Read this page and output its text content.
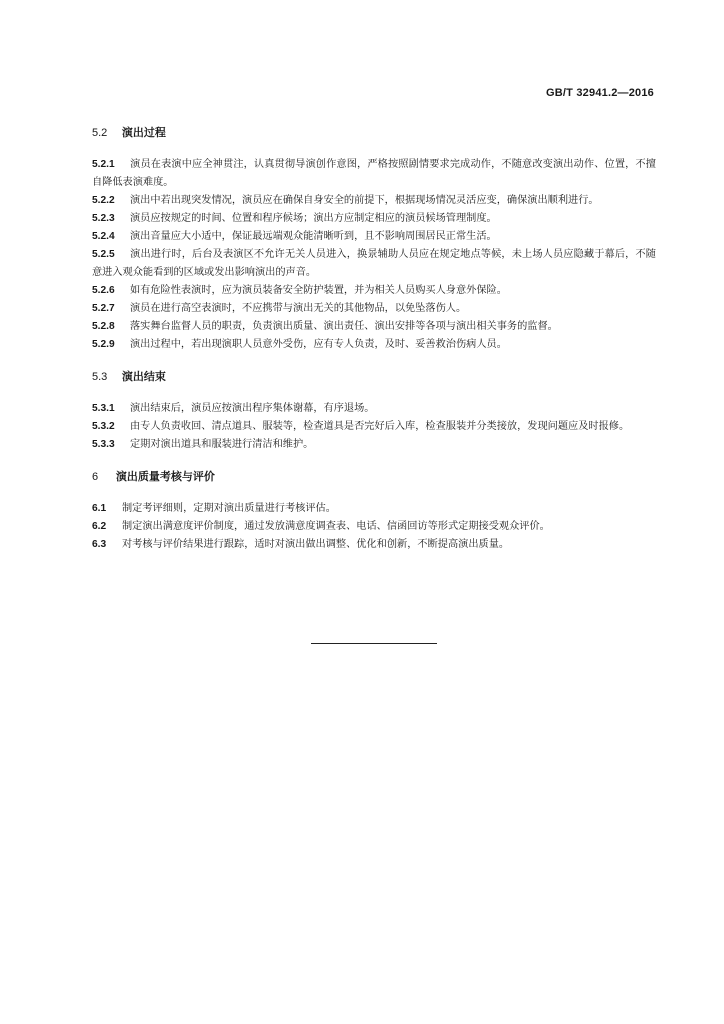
GB/T 32941.2—2016

5.2 演出过程

5.2.1 演员在表演中应全神贯注，认真贯彻导演创作意图，严格按照剧情要求完成动作，不随意改变演出动作、位置，不擅自降低表演难度。

5.2.2 演出中若出现突发情况，演员应在确保自身安全的前提下，根据现场情况灵活应变，确保演出顺利进行。

5.2.3 演员应按规定的时间、位置和程序候场；演出方应制定相应的演员候场管理制度。

5.2.4 演出音量应大小适中，保证最远端观众能清晰听到，且不影响周围居民正常生活。

5.2.5 演出进行时，后台及表演区不允许无关人员进入，换景辅助人员应在规定地点等候，未上场人员应隐藏于幕后，不随意进入观众能看到的区域或发出影响演出的声音。

5.2.6 如有危险性表演时，应为演员装备安全防护装置，并为相关人员购买人身意外保险。

5.2.7 演员在进行高空表演时，不应携带与演出无关的其他物品，以免坠落伤人。

5.2.8 落实舞台监督人员的职责，负责演出质量、演出责任、演出安排等各项与演出相关事务的监督。

5.2.9 演出过程中，若出现演职人员意外受伤，应有专人负责，及时、妥善救治伤病人员。

5.3 演出结束

5.3.1 演出结束后，演员应按演出程序集体谢幕，有序退场。

5.3.2 由专人负责收回、清点道具、服装等，检查道具是否完好后入库，检查服装并分类接放，发现问题应及时报修。

5.3.3 定期对演出道具和服装进行清洁和维护。

6 演出质量考核与评价

6.1 制定考评细则，定期对演出质量进行考核评估。

6.2 制定演出满意度评价制度，通过发放满意度调查表、电话、信函回访等形式定期接受观众评价。

6.3 对考核与评价结果进行跟踪，适时对演出做出调整、优化和创新，不断提高演出质量。
